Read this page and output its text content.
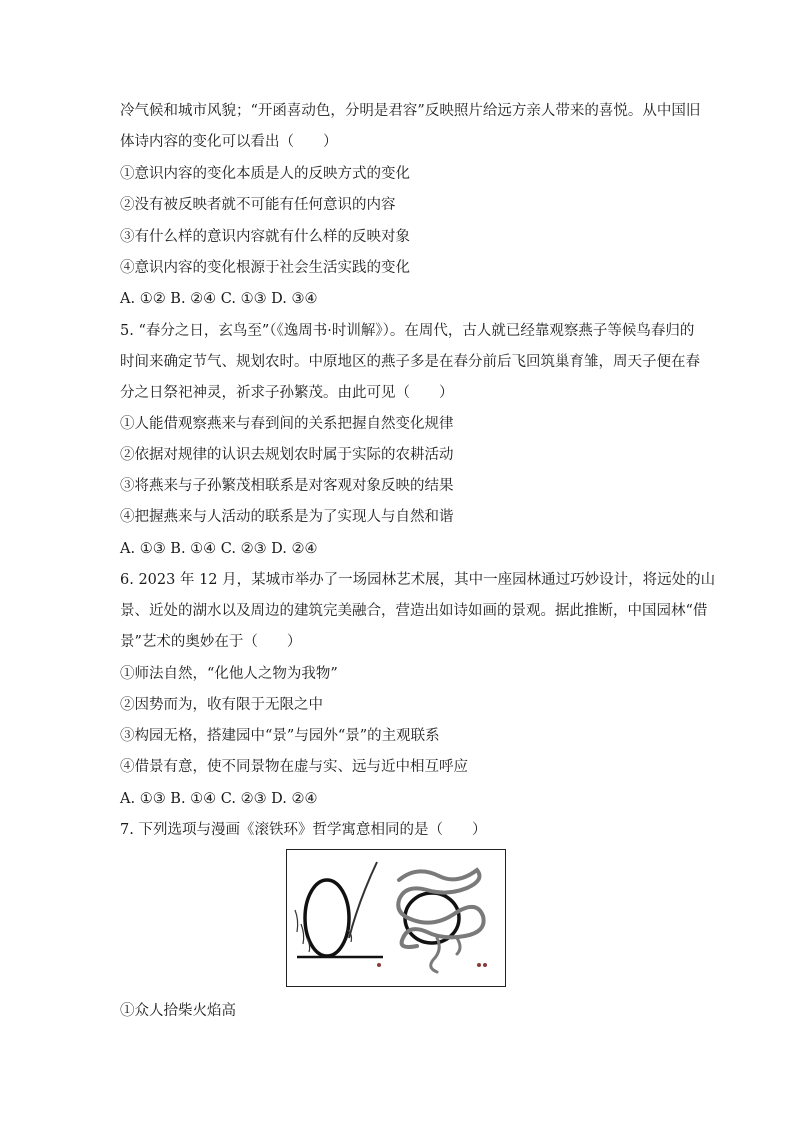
冷气候和城市风貌；“开函喜动色，分明是君容”反映照片给远方亲人带来的喜悦。从中国旧
体诗内容的变化可以看出（　　）
①意识内容的变化本质是人的反映方式的变化
②没有被反映者就不可能有任何意识的内容
③有什么样的意识内容就有什么样的反映对象
④意识内容的变化根源于社会生活实践的变化
A. ①② B. ②④ C. ①③ D. ③④
5. “春分之日，玄鸟至”（《逸周书·时训解》）。在周代，古人就已经靠观察燕子等候鸟春归的
时间来确定节气、规划农时。中原地区的燕子多是在春分前后飞回筑巢育雏，周天子便在春
分之日祭祀神灵，祈求子孙繁茂。由此可见（　　）
①人能借观察燕来与春到间的关系把握自然变化规律
②依据对规律的认识去规划农时属于实际的农耕活动
③将燕来与子孙繁茂相联系是对客观对象反映的结果
④把握燕来与人活动的联系是为了实现人与自然和谐
A. ①③ B. ①④ C. ②③ D. ②④
6. 2023 年 12 月，某城市举办了一场园林艺术展，其中一座园林通过巧妙设计，将远处的山
景、近处的湖水以及周边的建筑完美融合，营造出如诗如画的景观。据此推断，中国园林“借
景”艺术的奥妙在于（　　）
①师法自然，“化他人之物为我物”
②因势而为，收有限于无限之中
③构园无格，搭建园中“景”与园外“景”的主观联系
④借景有意，使不同景物在虚与实、远与近中相互呼应
A. ①③ B. ①④ C. ②③ D. ②④
7. 下列选项与漫画《滚铁环》哲学寓意相同的是（　　）
①众人拾柴火焰高
